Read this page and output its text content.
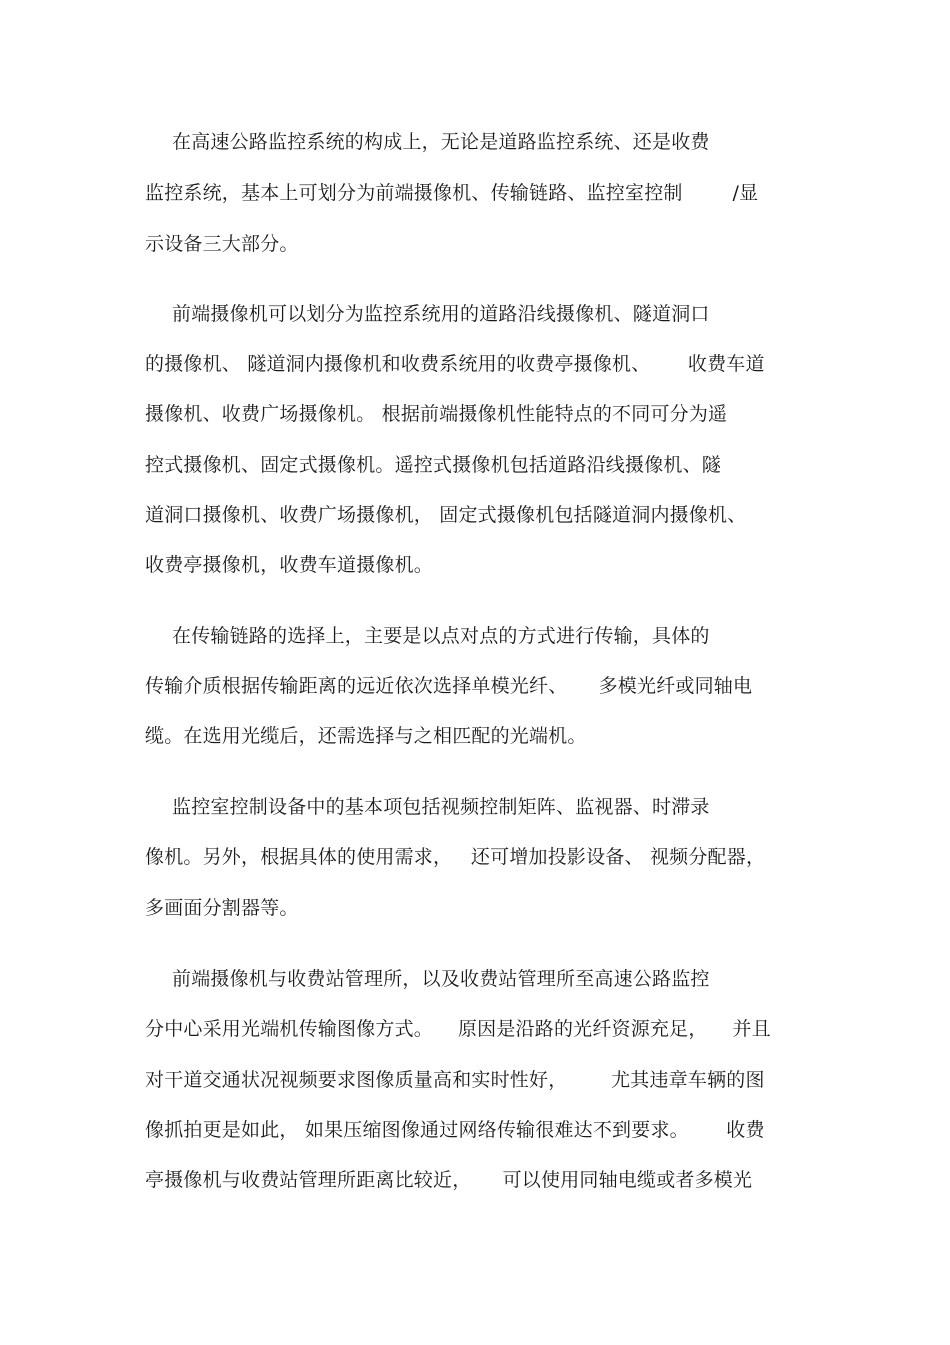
在高速公路监控系统的构成上，无论是道路监控系统、还是收费
监控系统，基本上可划分为前端摄像机、传输链路、监控室控制        /显
示设备三大部分。
前端摄像机可以划分为监控系统用的道路沿线摄像机、隧道洞口
的摄像机、 隧道洞内摄像机和收费系统用的收费亭摄像机、      收费车道
摄像机、收费广场摄像机。 根据前端摄像机性能特点的不同可分为遥
控式摄像机、固定式摄像机。遥控式摄像机包括道路沿线摄像机、隧
道洞口摄像机、收费广场摄像机， 固定式摄像机包括隧道洞内摄像机、
收费亭摄像机，收费车道摄像机。
在传输链路的选择上，主要是以点对点的方式进行传输，具体的
传输介质根据传输距离的远近依次选择单模光纤、     多模光纤或同轴电
缆。在选用光缆后，还需选择与之相匹配的光端机。
监控室控制设备中的基本项包括视频控制矩阵、监视器、时滞录
像机。另外，根据具体的使用需求，   还可增加投影设备、 视频分配器，
多画面分割器等。
前端摄像机与收费站管理所，以及收费站管理所至高速公路监控
分中心采用光端机传输图像方式。    原因是沿路的光纤资源充足，    并且
对干道交通状况视频要求图像质量高和实时性好，       尤其违章车辆的图
像抓拍更是如此， 如果压缩图像通过网络传输很难达不到要求。      收费
亭摄像机与收费站管理所距离比较近，     可以使用同轴电缆或者多模光
